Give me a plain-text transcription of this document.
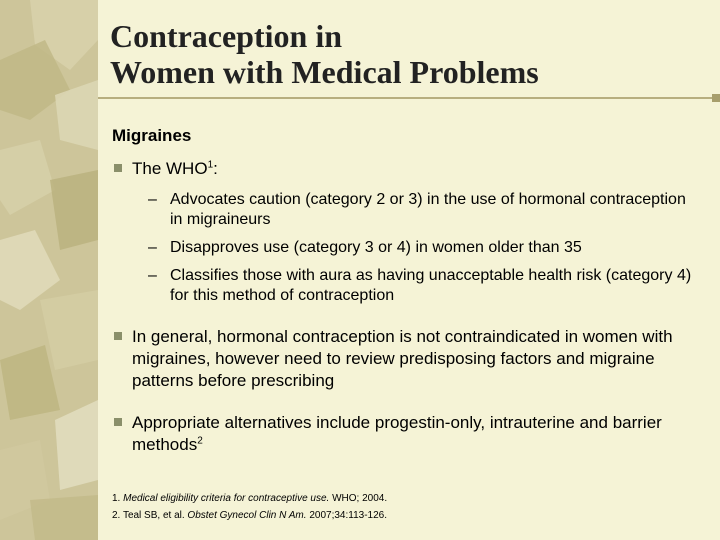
Contraception in
Women with Medical Problems
Migraines
The WHO$^1$:
– Advocates caution (category 2 or 3) in the use of hormonal contraception in migraineurs
– Disapproves use (category 3 or 4) in women older than 35
– Classifies those with aura as having unacceptable health risk (category 4) for this method of contraception
In general, hormonal contraception is not contraindicated in women with migraines, however need to review predisposing factors and migraine patterns before prescribing
Appropriate alternatives include progestin-only, intrauterine and barrier methods$^2$
1. Medical eligibility criteria for contraceptive use. WHO; 2004.
2. Teal SB, et al. Obstet Gynecol Clin N Am. 2007;34:113-126.
